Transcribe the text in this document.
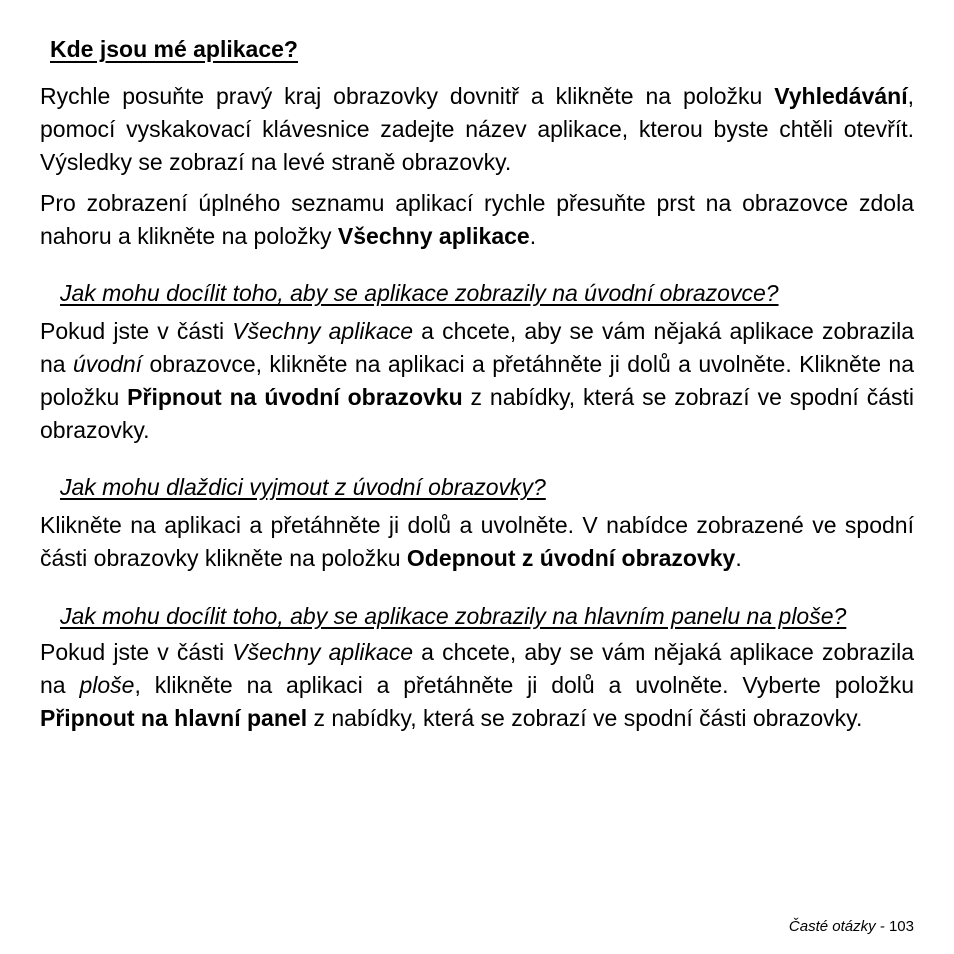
Kde jsou mé aplikace?

Rychle posuňte pravý kraj obrazovky dovnitř a klikněte na položku Vyhledávání, pomocí vyskakovací klávesnice zadejte název aplikace, kterou byste chtěli otevřít. Výsledky se zobrazí na levé straně obrazovky.

Pro zobrazení úplného seznamu aplikací rychle přesuňte prst na obrazovce zdola nahoru a klikněte na položky Všechny aplikace.

Jak mohu docílit toho, aby se aplikace zobrazily na úvodní obrazovce?

Pokud jste v části Všechny aplikace a chcete, aby se vám nějaká aplikace zobrazila na úvodní obrazovce, klikněte na aplikaci a přetáhněte ji dolů a uvolněte. Klikněte na položku Připnout na úvodní obrazovku z nabídky, která se zobrazí ve spodní části obrazovky.

Jak mohu dlaždici vyjmout z úvodní obrazovky?

Klikněte na aplikaci a přetáhněte ji dolů a uvolněte. V nabídce zobrazené ve spodní části obrazovky klikněte na položku Odepnout z úvodní obrazovky.

Jak mohu docílit toho, aby se aplikace zobrazily na hlavním panelu na ploše?

Pokud jste v části Všechny aplikace a chcete, aby se vám nějaká aplikace zobrazila na ploše, klikněte na aplikaci a přetáhněte ji dolů a uvolněte. Vyberte položku Připnout na hlavní panel z nabídky, která se zobrazí ve spodní části obrazovky.

Časté otázky - 103
